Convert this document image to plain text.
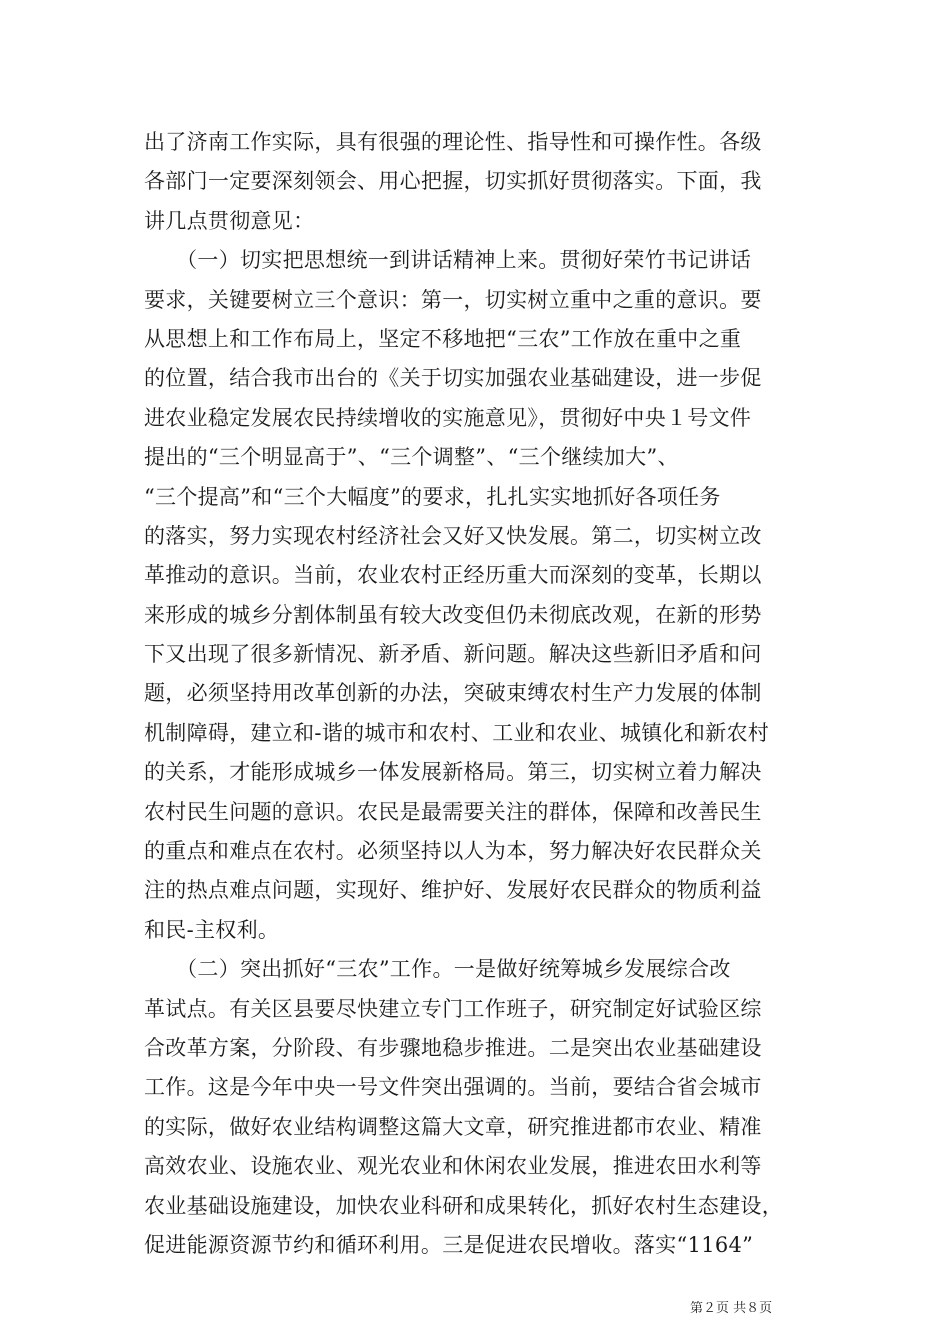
出了济南工作实际，具有很强的理论性、指导性和可操作性。各级
各部门一定要深刻领会、用心把握，切实抓好贯彻落实。下面，我
讲几点贯彻意见：
　　（一）切实把思想统一到讲话精神上来。贯彻好荣竹书记讲话
要求，关键要树立三个意识：第一，切实树立重中之重的意识。要
从思想上和工作布局上，坚定不移地把“三农”工作放在重中之重
的位置，结合我市出台的《关于切实加强农业基础建设，进一步促
进农业稳定发展农民持续增收的实施意见》，贯彻好中央１号文件
提出的“三个明显高于”、“三个调整”、“三个继续加大”、
“三个提高”和“三个大幅度”的要求，扎扎实实地抓好各项任务
的落实，努力实现农村经济社会又好又快发展。第二，切实树立改
革推动的意识。当前，农业农村正经历重大而深刻的变革，长期以
来形成的城乡分割体制虽有较大改变但仍未彻底改观，在新的形势
下又出现了很多新情况、新矛盾、新问题。解决这些新旧矛盾和问
题，必须坚持用改革创新的办法，突破束缚农村生产力发展的体制
机制障碍，建立和-谐的城市和农村、工业和农业、城镇化和新农村
的关系，才能形成城乡一体发展新格局。第三，切实树立着力解决
农村民生问题的意识。农民是最需要关注的群体，保障和改善民生
的重点和难点在农村。必须坚持以人为本，努力解决好农民群众关
注的热点难点问题，实现好、维护好、发展好农民群众的物质利益
和民-主权利。
　　（二）突出抓好“三农”工作。一是做好统筹城乡发展综合改
革试点。有关区县要尽快建立专门工作班子，研究制定好试验区综
合改革方案，分阶段、有步骤地稳步推进。二是突出农业基础建设
工作。这是今年中央一号文件突出强调的。当前，要结合省会城市
的实际，做好农业结构调整这篇大文章，研究推进都市农业、精准
高效农业、设施农业、观光农业和休闲农业发展，推进农田水利等
农业基础设施建设，加快农业科研和成果转化，抓好农村生态建设，
促进能源资源节约和循环利用。三是促进农民增收。落实“1164”
第２页 共８页
